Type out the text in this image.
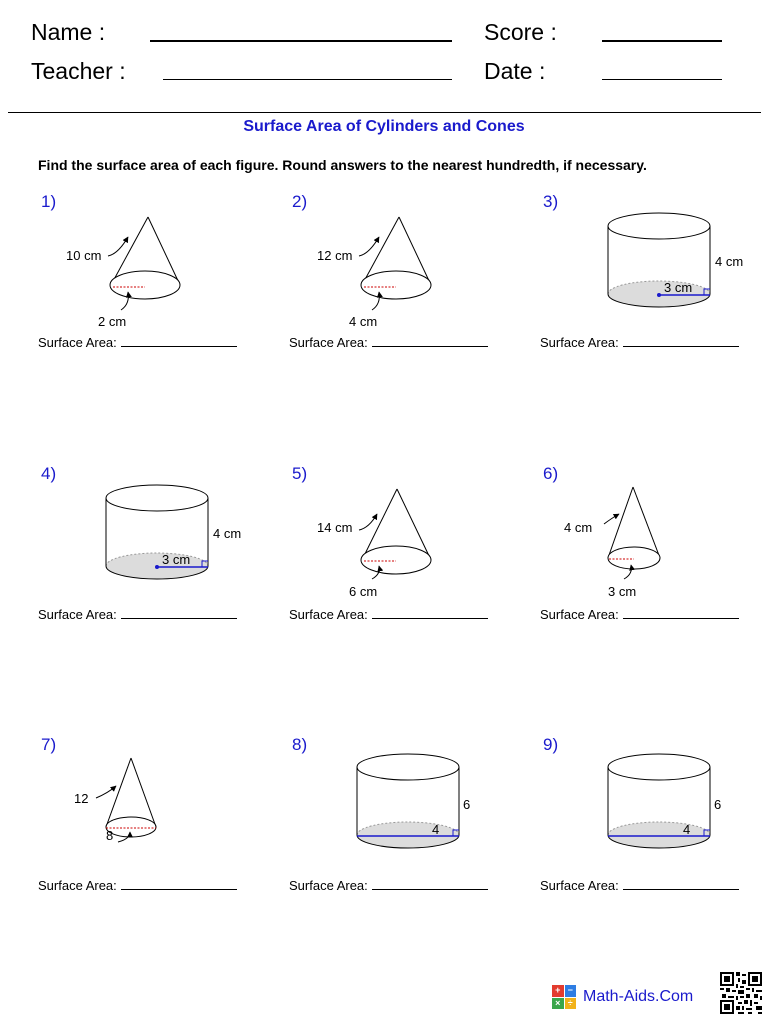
Name :	Score :
Teacher :	Date :
Surface Area of Cylinders and Cones
Find the surface area of each figure. Round answers to the nearest hundredth, if necessary.
1)
10 cm
2 cm
Surface Area:
2)
12 cm
4 cm
Surface Area:
3)
4 cm
3 cm
Surface Area:
4)
4 cm
3 cm
Surface Area:
5)
14 cm
6 cm
Surface Area:
6)
4 cm
3 cm
Surface Area:
7)
12
8
Surface Area:
8)
6
4
Surface Area:
9)
6
4
Surface Area:
+ −
× ÷ Math-Aids.Com
